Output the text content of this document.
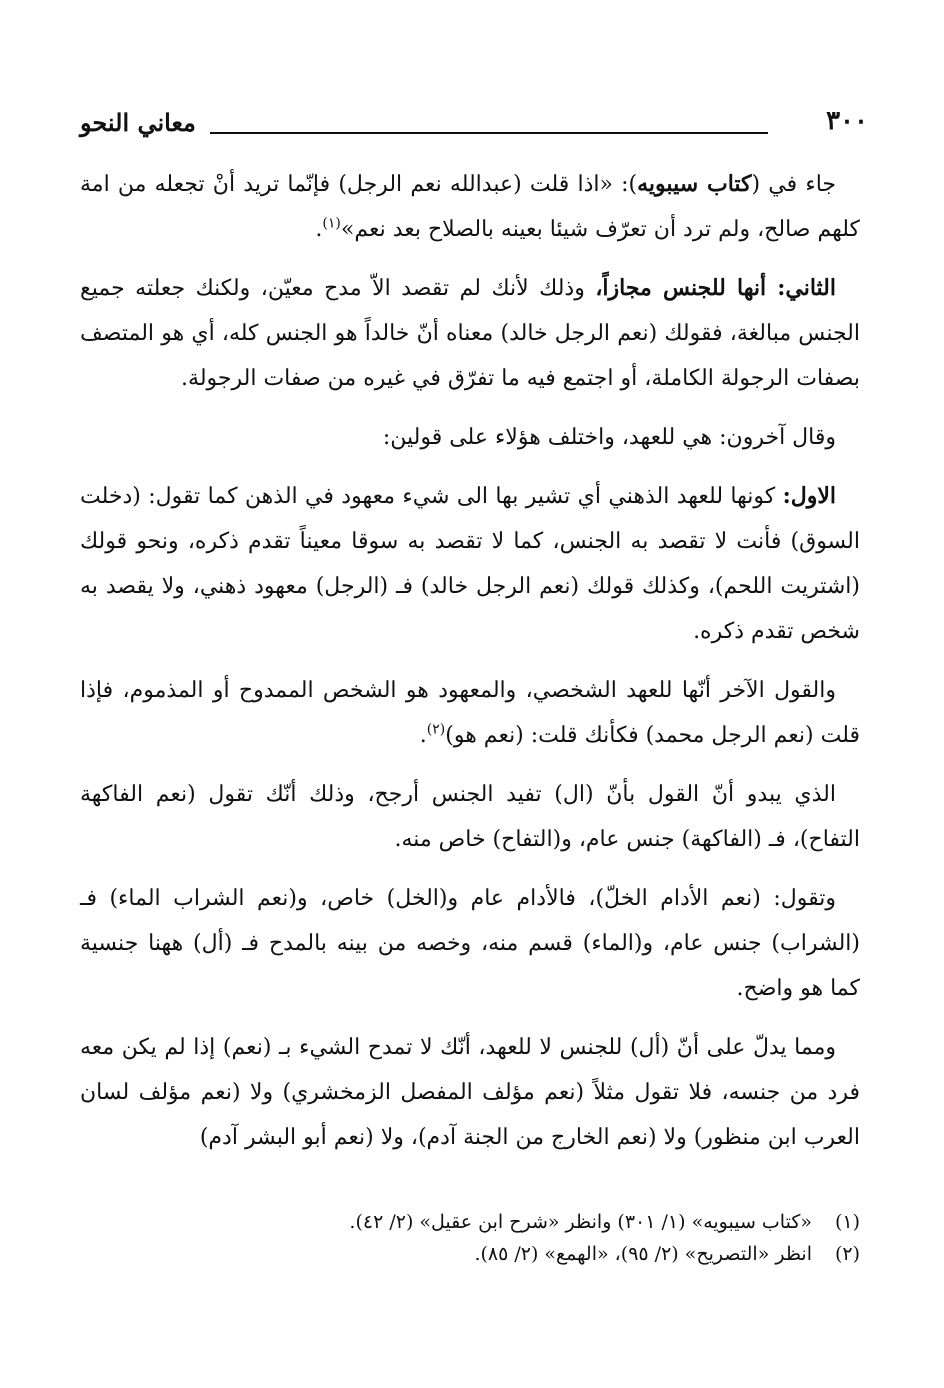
معاني النحو	٣٠٠

جاء في (كتاب سيبويه): «اذا قلت (عبدالله نعم الرجل) فإنّما تريد أنْ تجعله من امة كلهم صالح، ولم ترد أن تعرّف شيئا بعينه بالصلاح بعد نعم»$^{(١)}$.

الثاني: أنها للجنس مجازاً، وذلك لأنك لم تقصد الاّ مدح معيّن، ولكنك جعلته جميع الجنس مبالغة، فقولك (نعم الرجل خالد) معناه أنّ خالداً هو الجنس كله، أي هو المتصف بصفات الرجولة الكاملة، أو اجتمع فيه ما تفرّق في غيره من صفات الرجولة.

وقال آخرون: هي للعهد، واختلف هؤلاء على قولين:

الاول: كونها للعهد الذهني أي تشير بها الى شيء معهود في الذهن كما تقول: (دخلت السوق) فأنت لا تقصد به الجنس، كما لا تقصد به سوقا معيناً تقدم ذكره، ونحو قولك (اشتريت اللحم)، وكذلك قولك (نعم الرجل خالد) فـ (الرجل) معهود ذهني، ولا يقصد به شخص تقدم ذكره.

والقول الآخر أنّها للعهد الشخصي، والمعهود هو الشخص الممدوح أو المذموم، فإذا قلت (نعم الرجل محمد) فكأنك قلت: (نعم هو)$^{(٢)}$.

الذي يبدو أنّ القول بأنّ (ال) تفيد الجنس أرجح، وذلك أنّك تقول (نعم الفاكهة التفاح)، فـ (الفاكهة) جنس عام، و(التفاح) خاص منه.

وتقول: (نعم الأدام الخلّ)، فالأدام عام و(الخل) خاص، و(نعم الشراب الماء) فـ (الشراب) جنس عام، و(الماء) قسم منه، وخصه من بينه بالمدح فـ (أل) ههنا جنسية كما هو واضح.

ومما يدلّ على أنّ (أل) للجنس لا للعهد، أنّك لا تمدح الشيء بـ (نعم) إذا لم يكن معه فرد من جنسه، فلا تقول مثلاً (نعم مؤلف المفصل الزمخشري) ولا (نعم مؤلف لسان العرب ابن منظور) ولا (نعم الخارج من الجنة آدم)، ولا (نعم أبو البشر آدم)

(١)«كتاب سيبويه» (١/ ٣٠١) وانظر «شرح ابن عقيل» (٢/ ٤٢).

(٢)انظر «التصريح» (٢/ ٩٥)، «الهمع» (٢/ ٨٥).
